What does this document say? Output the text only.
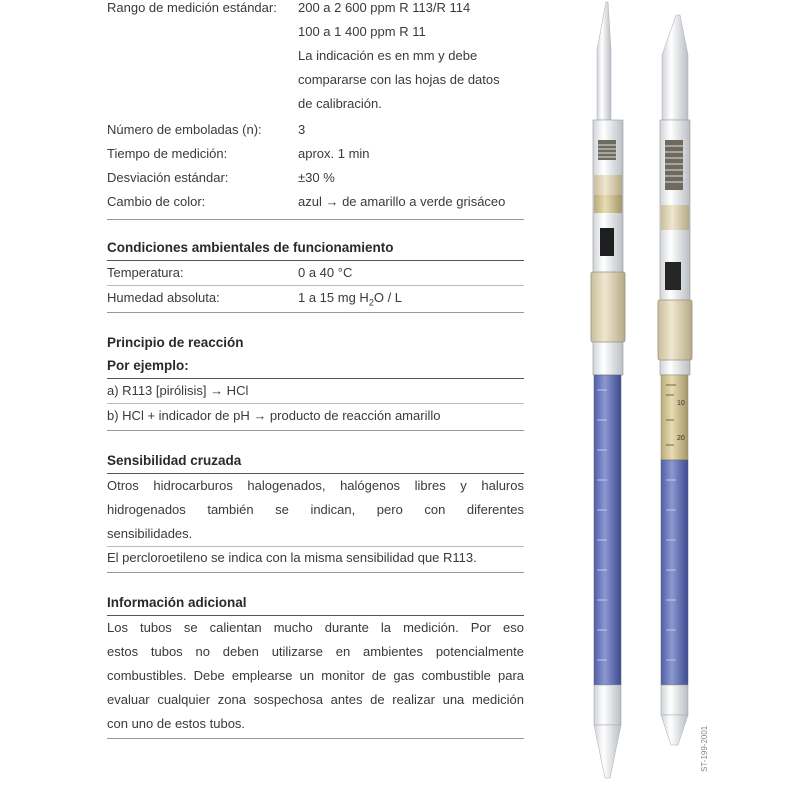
Rango de medición estándar: 200 a 2 600 ppm R 113/R 114
100 a 1 400 ppm R 11
La indicación es en mm y debe
compararse con las hojas de datos
de calibración.
Número de emboladas (n):	3
Tiempo de medición:	aprox. 1 min
Desviación estándar:	±30 %
Cambio de color:	azul → de amarillo a verde grisáceo
Condiciones ambientales de funcionamiento
Temperatura:	0 a 40 °C
Humedad absoluta:	1 a 15 mg $H_2O$ / L
Principio de reacción
Por ejemplo:
a) R113 [pirólisis] → HCl
b) HCl + indicador de pH → producto de reacción amarillo
Sensibilidad cruzada
Otros hidrocarburos halogenados, halógenos libres y haluros
hidrogenados también se indican, pero con diferentes
sensibilidades.
El percloroetileno se indica con la misma sensibilidad que R113.
Información adicional
Los tubos se calientan mucho durante la medición. Por eso
estos tubos no deben utilizarse en ambientes potencialmente
combustibles. Debe emplearse un monitor de gas combustible para
evaluar cualquier zona sospechosa antes de realizar una medición
con uno de estos tubos.
10
20
ST-199-2001
